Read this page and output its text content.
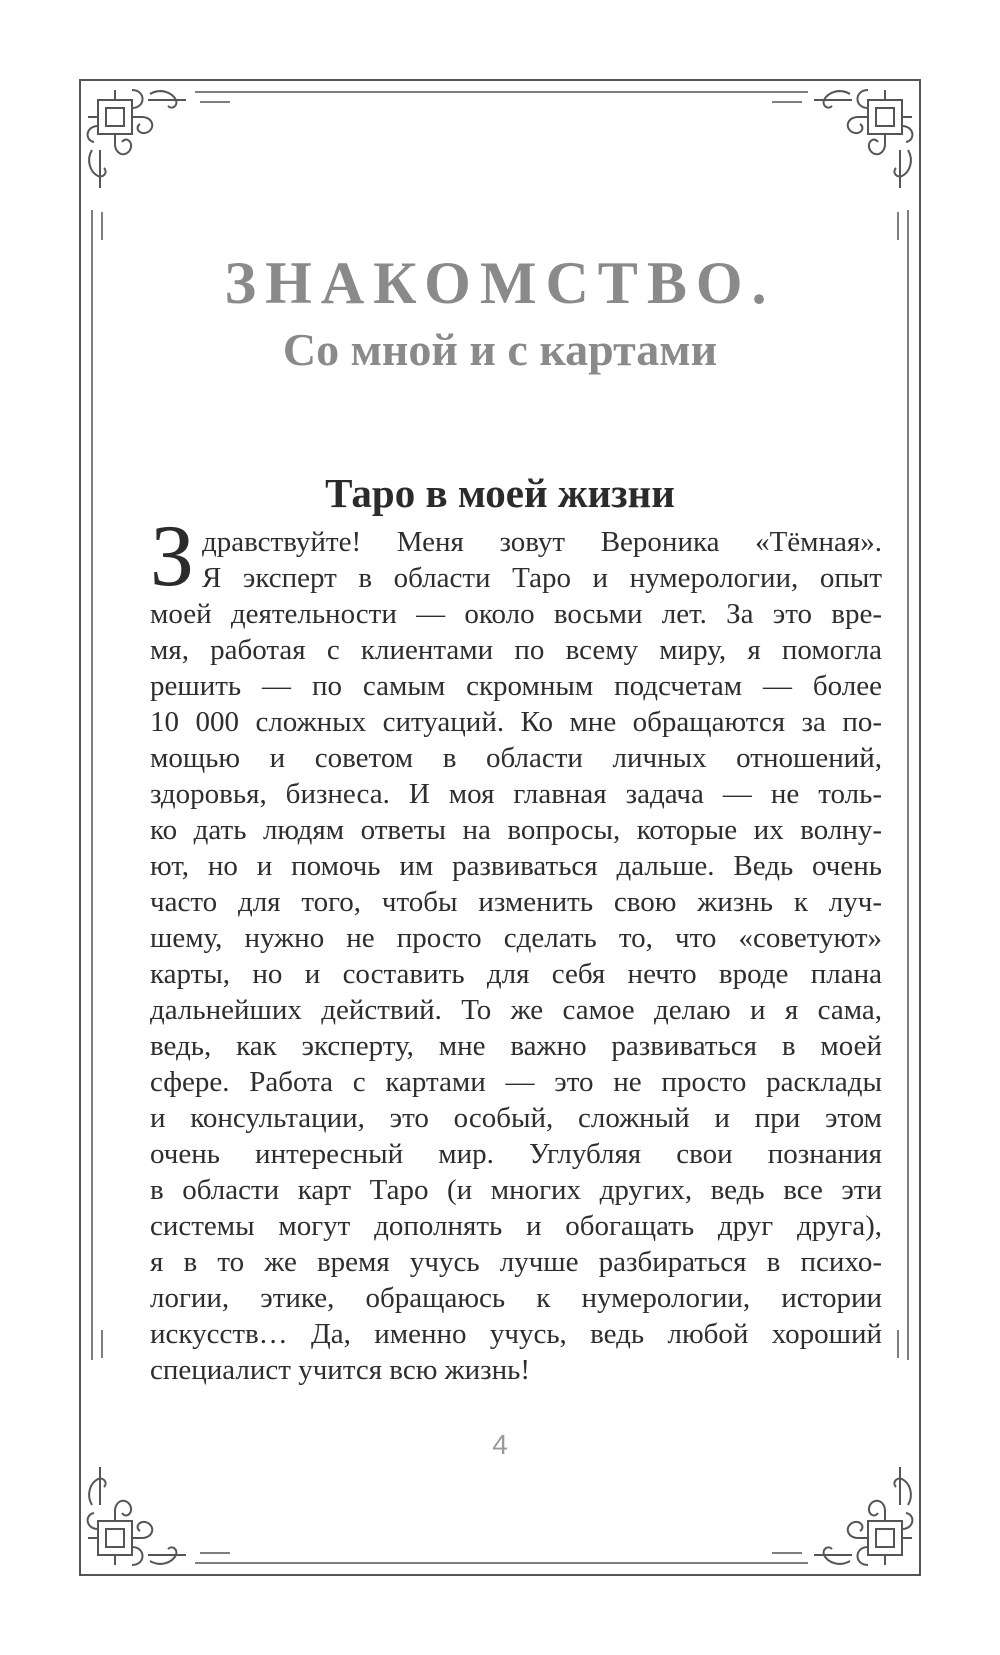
ЗНАКОМСТВО.
Со мной и с картами
Таро в моей жизни
З дравствуйте! Меня зовут Вероника «Тёмная».
Я эксперт в области Таро и нумерологии, опыт
моей деятельности — около восьми лет. За это вре-
мя, работая с клиентами по всему миру, я помогла
решить — по самым скромным подсчетам — более
10 000 сложных ситуаций. Ко мне обращаются за по-
мощью и советом в области личных отношений,
здоровья, бизнеса. И моя главная задача — не толь-
ко дать людям ответы на вопросы, которые их волну-
ют, но и помочь им развиваться дальше. Ведь очень
часто для того, чтобы изменить свою жизнь к луч-
шему, нужно не просто сделать то, что «советуют»
карты, но и составить для себя нечто вроде плана
дальнейших действий. То же самое делаю и я сама,
ведь, как эксперту, мне важно развиваться в моей
сфере. Работа с картами — это не просто расклады
и консультации, это особый, сложный и при этом
очень интересный мир. Углубляя свои познания
в области карт Таро (и многих других, ведь все эти
системы могут дополнять и обогащать друг друга),
я в то же время учусь лучше разбираться в психо-
логии, этике, обращаюсь к нумерологии, истории
искусств… Да, именно учусь, ведь любой хороший
специалист учится всю жизнь!
4
